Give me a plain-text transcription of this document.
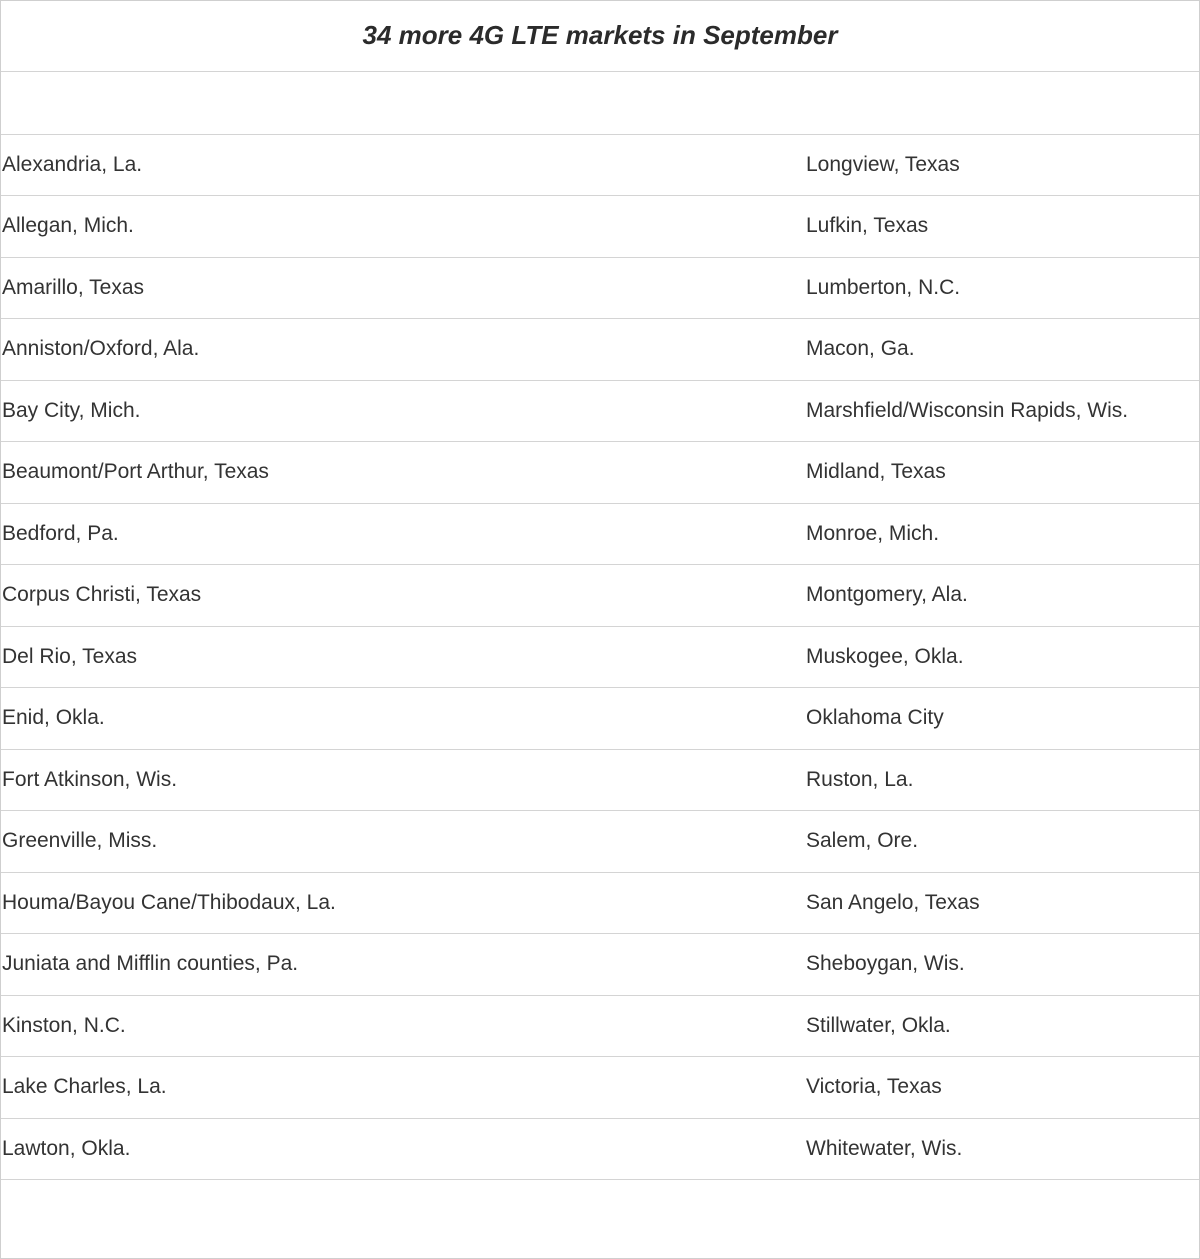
34 more 4G LTE markets in September
Alexandria, La.	Longview, Texas
Allegan, Mich.	Lufkin, Texas
Amarillo, Texas	Lumberton, N.C.
Anniston/Oxford, Ala.	Macon, Ga.
Bay City, Mich.	Marshfield/Wisconsin Rapids, Wis.
Beaumont/Port Arthur, Texas	Midland, Texas
Bedford, Pa.	Monroe, Mich.
Corpus Christi, Texas	Montgomery, Ala.
Del Rio, Texas	Muskogee, Okla.
Enid, Okla.	Oklahoma City
Fort Atkinson, Wis.	Ruston, La.
Greenville, Miss.	Salem, Ore.
Houma/Bayou Cane/Thibodaux, La.	San Angelo, Texas
Juniata and Mifflin counties, Pa.	Sheboygan, Wis.
Kinston, N.C.	Stillwater, Okla.
Lake Charles, La.	Victoria, Texas
Lawton, Okla.	Whitewater, Wis.
